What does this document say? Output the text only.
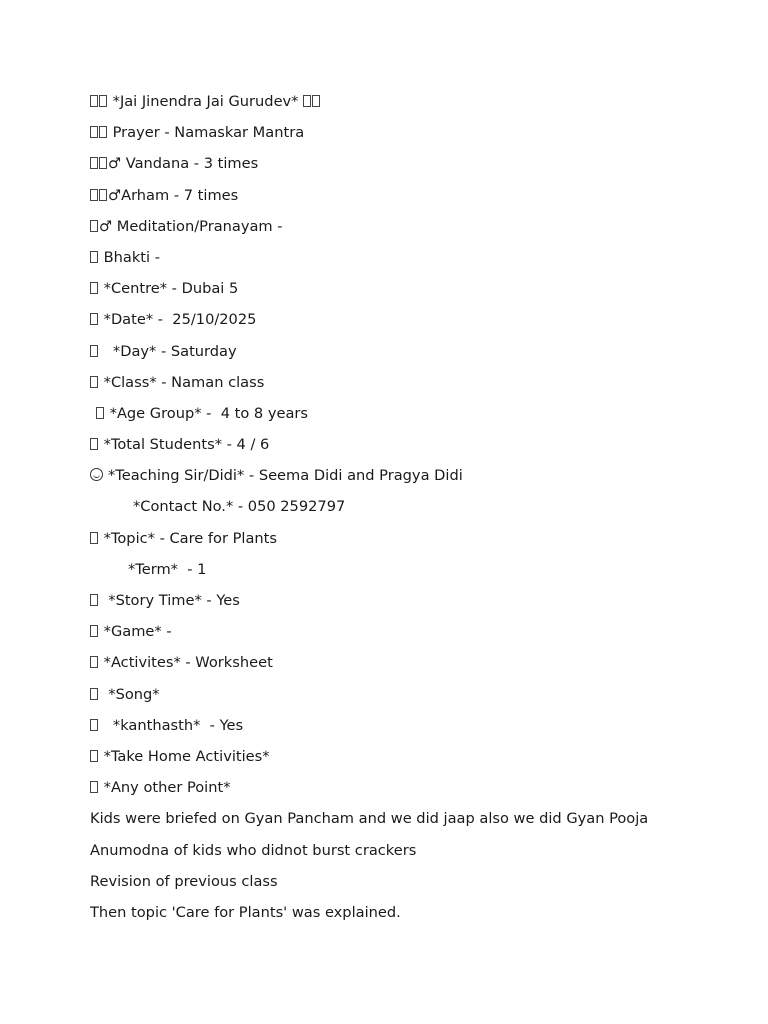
*Jai Jinendra Jai Gurudev*
Prayer - Namaskar Mantra
♂ Vandana - 3 times
♂Arham - 7 times
♂ Meditation/Pranayam -
Bhakti -
*Centre* - Dubai 5
*Date* -  25/10/2025
*Day* - Saturday
*Class* - Naman class
*Age Group* -  4 to 8 years
*Total Students* - 4 / 6
*Teaching Sir/Didi* - Seema Didi and Pragya Didi
*Contact No.* - 050 2592797
*Topic* - Care for Plants
*Term*  - 1
*Story Time* - Yes
*Game* -
*Activites* - Worksheet
*Song*
*kanthasth*  - Yes
*Take Home Activities*
*Any other Point*
Kids were briefed on Gyan Pancham and we did jaap also we did Gyan Pooja
Anumodna of kids who didnot burst crackers
Revision of previous class
Then topic 'Care for Plants' was explained.
